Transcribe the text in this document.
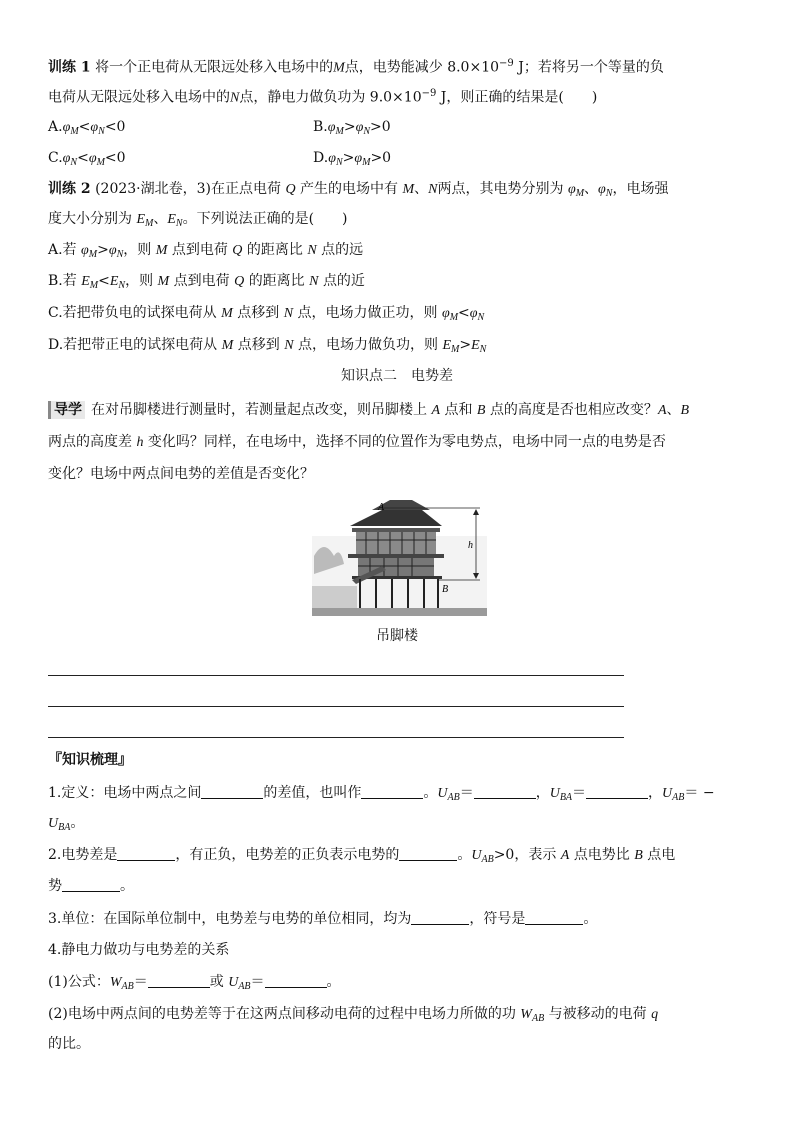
训练 1 将一个正电荷从无限远处移入电场中的M点，电势能减少 $8.0\times 10^{-9}$ J；若将另一个等量的负
电荷从无限远处移入电场中的N点，静电力做负功为 $9.0\times 10^{-9}$ J，则正确的结果是(　　)
$A.\varphi_M<\varphi_N<0$	$B.\varphi_M>\varphi_N>0$
$C.\varphi_N<\varphi_M<0$	$D.\varphi_N>\varphi_M>0$
训练 2 (2023·湖北卷，3)在正点电荷 Q 产生的电场中有 M、N两点，其电势分别为 $\varphi_M$、$\varphi_N$，电场强
度大小分别为 $E_M$、$E_N$。下列说法正确的是(　　)
A.若 $\varphi_M>\varphi_N$，则 M 点到电荷 Q 的距离比 N 点的远
B.若 $E_M<E_N$，则 M 点到电荷 Q 的距离比 N 点的近
C.若把带负电的试探电荷从 M 点移到 N 点，电场力做正功，则 $\varphi_M<\varphi_N$
D.若把带正电的试探电荷从 M 点移到 N 点，电场力做负功，则 $E_M>E_N$
知识点二　电势差
导学 在对吊脚楼进行测量时，若测量起点改变，则吊脚楼上 A 点和 B 点的高度是否也相应改变？A、B
两点的高度差 h 变化吗？同样，在电场中，选择不同的位置作为零电势点，电场中同一点的电势是否
变化？电场中两点间电势的差值是否变化？
A
B
h
吊脚楼
『知识梳理』
1.定义：电场中两点之间	的差值，也叫作	。$U_{AB}=$	，$U_{BA}=$	，$U_{AB}=$ −
$U_{BA}$。
2.电势差是	，有正负，电势差的正负表示电势的	。$U_{AB}>0$，表示 A 点电势比 B 点电
势	。
3.单位：在国际单位制中，电势差与电势的单位相同，均为	，符号是	。
4.静电力做功与电势差的关系
(1)公式：$W_{AB}=$	或 $U_{AB}=$	。
(2)电场中两点间的电势差等于在这两点间移动电荷的过程中电场力所做的功 $W_{AB}$ 与被移动的电荷 q
的比。
